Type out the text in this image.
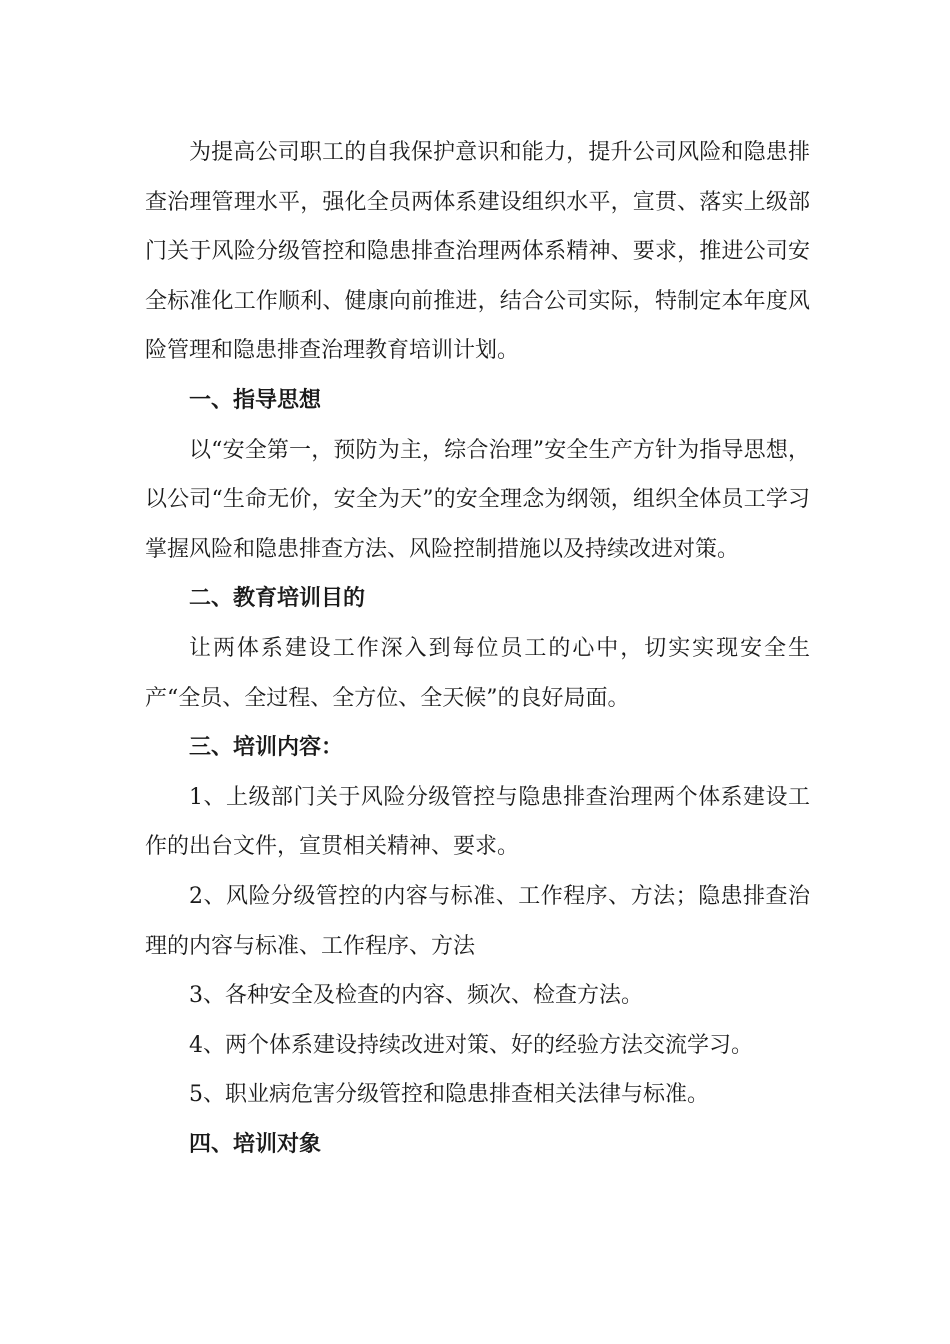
为提高公司职工的自我保护意识和能力，提升公司风险和隐患排查治理管理水平，强化全员两体系建设组织水平，宣贯、落实上级部门关于风险分级管控和隐患排查治理两体系精神、要求，推进公司安全标准化工作顺利、健康向前推进，结合公司实际，特制定本年度风险管理和隐患排查治理教育培训计划。

一、指导思想

以“安全第一，预防为主，综合治理”安全生产方针为指导思想，以公司“生命无价，安全为天”的安全理念为纲领，组织全体员工学习掌握风险和隐患排查方法、风险控制措施以及持续改进对策。

二、教育培训目的

让两体系建设工作深入到每位员工的心中，切实实现安全生产“全员、全过程、全方位、全天候”的良好局面。

三、培训内容：

1、上级部门关于风险分级管控与隐患排查治理两个体系建设工作的出台文件，宣贯相关精神、要求。

2、风险分级管控的内容与标准、工作程序、方法；隐患排查治理的内容与标准、工作程序、方法

3、各种安全及检查的内容、频次、检查方法。

4、两个体系建设持续改进对策、好的经验方法交流学习。

5、职业病危害分级管控和隐患排查相关法律与标准。

四、培训对象
